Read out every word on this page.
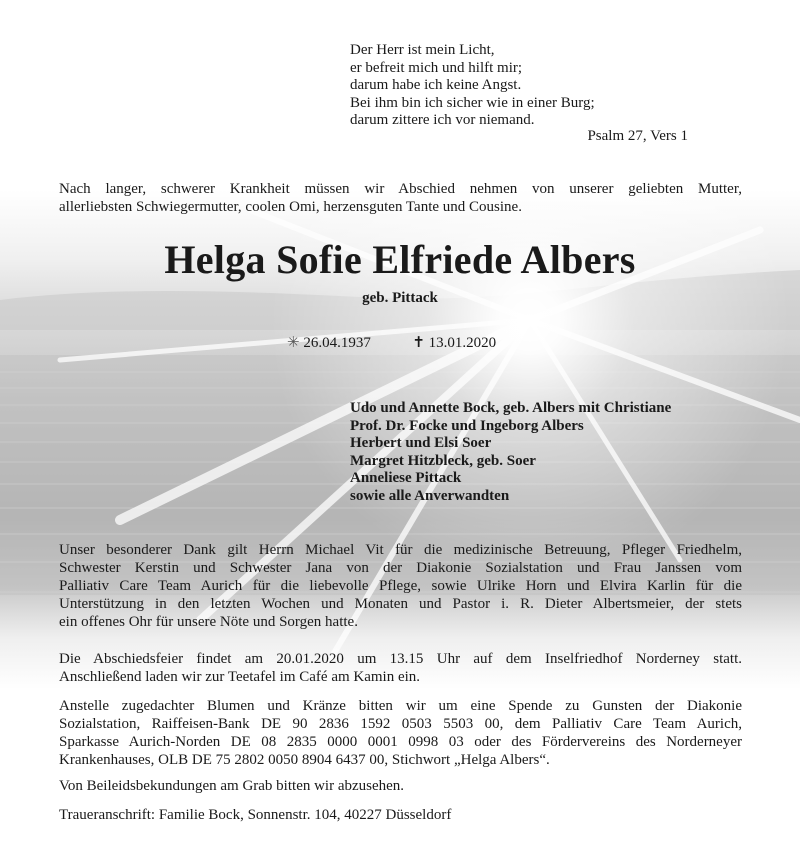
Der Herr ist mein Licht,
er befreit mich und hilft mir;
darum habe ich keine Angst.
Bei ihm bin ich sicher wie in einer Burg;
darum zittere ich vor niemand.
Psalm 27, Vers 1
Nach langer, schwerer Krankheit müssen wir Abschied nehmen von unserer geliebten Mutter,
allerliebsten Schwiegermutter, coolen Omi, herzensguten Tante und Cousine.
Helga Sofie Elfriede Albers
geb. Pittack
✳ 26.04.1937	✝ 13.01.2020
Udo und Annette Bock, geb. Albers mit Christiane
Prof. Dr. Focke und Ingeborg Albers
Herbert und Elsi Soer
Margret Hitzbleck, geb. Soer
Anneliese Pittack
sowie alle Anverwandten
Unser besonderer Dank gilt Herrn Michael Vit für die medizinische Betreuung, Pfleger Friedhelm,
Schwester Kerstin und Schwester Jana von der Diakonie Sozialstation und Frau Janssen vom
Palliativ Care Team Aurich für die liebevolle Pflege, sowie Ulrike Horn und Elvira Karlin für die
Unterstützung in den letzten Wochen und Monaten und Pastor i. R. Dieter Albertsmeier, der stets
ein offenes Ohr für unsere Nöte und Sorgen hatte.
Die Abschiedsfeier findet am 20.01.2020 um 13.15 Uhr auf dem Inselfriedhof Norderney statt.
Anschließend laden wir zur Teetafel im Café am Kamin ein.
Anstelle zugedachter Blumen und Kränze bitten wir um eine Spende zu Gunsten der Diakonie
Sozialstation, Raiffeisen-Bank DE 90 2836 1592 0503 5503 00, dem Palliativ Care Team Aurich,
Sparkasse Aurich-Norden DE 08 2835 0000 0001 0998 03 oder des Fördervereins des Norderneyer
Krankenhauses, OLB DE 75 2802 0050 8904 6437 00, Stichwort „Helga Albers“.
Von Beileidsbekundungen am Grab bitten wir abzusehen.
Traueranschrift: Familie Bock, Sonnenstr. 104, 40227 Düsseldorf
